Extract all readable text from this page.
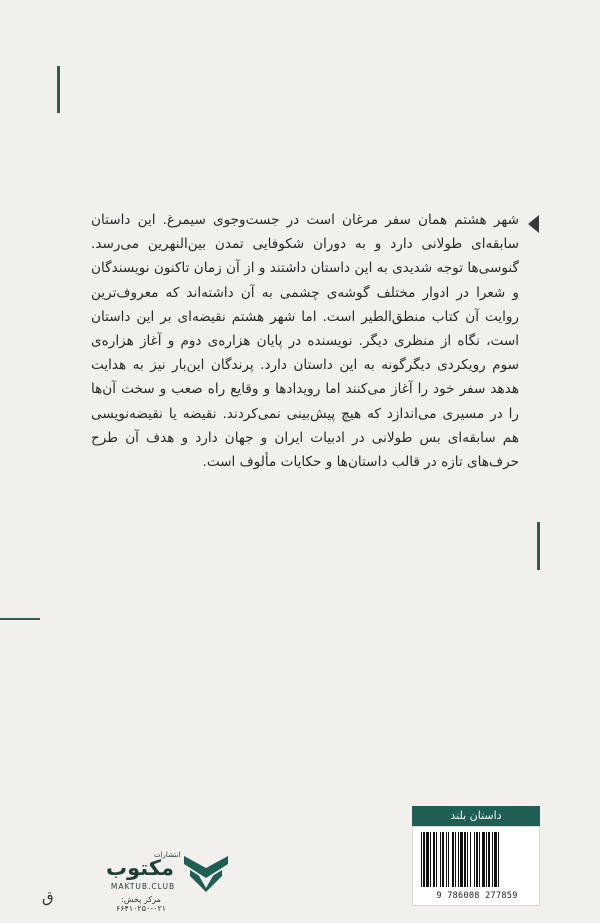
شهر هشتم همان سفر مرغان است در جست‌وجوی سیمرغ. این داستان سابقه‌ای طولانی دارد و به دوران شکوفایی تمدن بین‌النهرین می‌رسد. گنوسی‌ها توجه شدیدی به این داستان داشتند و از آن زمان تاکنون نویسندگان و شعرا در ادوار مختلف گوشه‌ی چشمی به آن داشته‌اند که معروف‌ترین روایت آن کتاب منطق‌الطیر است. اما شهر هشتم نقیضه‌ای بر این داستان است، نگاه از منظری دیگر. نویسنده در پایان هزاره‌ی دوم و آغاز هزاره‌ی سوم رویکردی دیگرگونه به این داستان دارد. پرندگان این‌بار نیز به هدایت هدهد سفر خود را آغاز می‌کنند اما رویدادها و وقایع راه صعب و سخت آن‌ها را در مسیری می‌اندازد که هیچ پیش‌بینی نمی‌کردند. نقیضه یا نقیضه‌نویسی هم سابقه‌ای بس طولانی در ادبیات ایران و جهان دارد و هدف آن طرح حرف‌های تازه در قالب داستان‌ها و حکایات مألوف است.

داستان بلند
9 786008 277859
انتشارات
مکتوب
MAKTUB.CLUB
مرکز پخش: ۰۲۱-۶۶۴۱۰۲۵۰
ق
